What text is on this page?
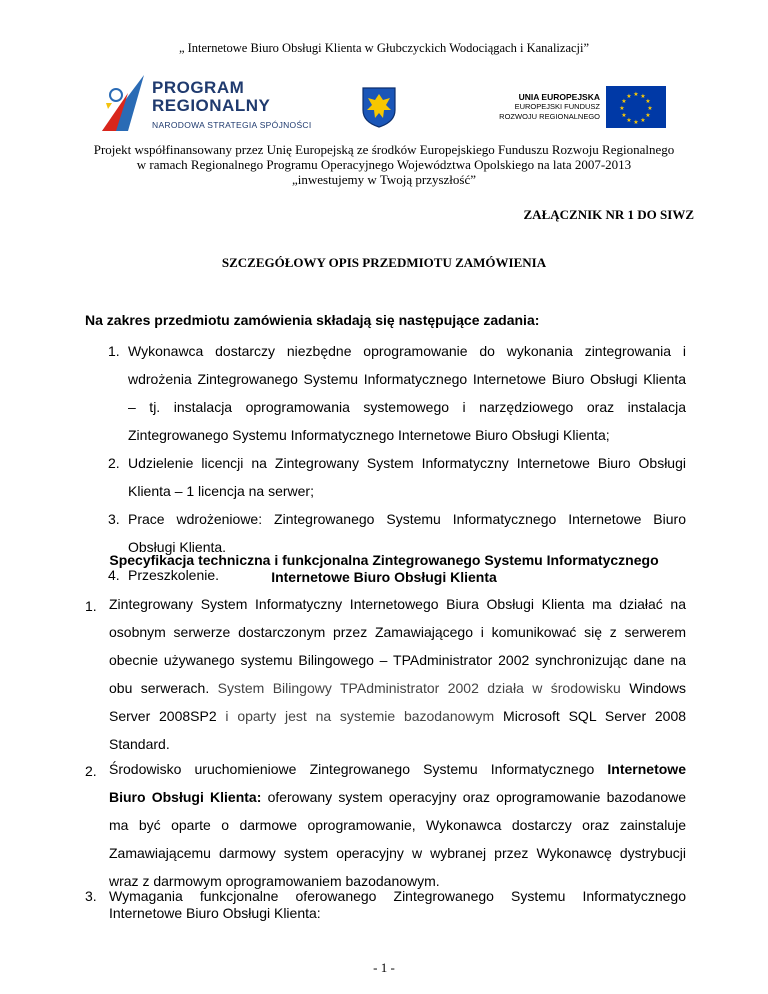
„ Internetowe Biuro Obsługi Klienta w Głubczyckich Wodociągach i Kanalizacji”
PROGRAM
REGIONALNY
NARODOWA STRATEGIA SPÓJNOŚCI
UNIA EUROPEJSKA
EUROPEJSKI FUNDUSZ
ROZWOJU REGIONALNEGO
★ ★
★
★
★
★
★
★
★
★
★
★
Projekt współfinansowany przez Unię Europejską ze środków Europejskiego Funduszu Rozwoju Regionalnego
w ramach Regionalnego Programu Operacyjnego Województwa Opolskiego na lata 2007-2013
„inwestujemy w Twoją przyszłość”
ZAŁĄCZNIK NR 1 DO SIWZ
SZCZEGÓŁOWY OPIS PRZEDMIOTU ZAMÓWIENIA
Na zakres przedmiotu zamówienia składają się następujące zadania:
1. Wykonawca dostarczy niezbędne oprogramowanie do wykonania zintegrowania i
wdrożenia Zintegrowanego Systemu Informatycznego Internetowe Biuro Obsługi Klienta
– tj. instalacja oprogramowania systemowego i narzędziowego oraz instalacja
Zintegrowanego Systemu Informatycznego Internetowe Biuro Obsługi Klienta;
2. Udzielenie licencji na Zintegrowany System Informatyczny Internetowe Biuro Obsługi
Klienta – 1 licencja na serwer;
3. Prace wdrożeniowe: Zintegrowanego Systemu Informatycznego Internetowe Biuro
Obsługi Klienta.
4. Przeszkolenie.
Specyfikacja techniczna i funkcjonalna Zintegrowanego Systemu Informatycznego
Internetowe Biuro Obsługi Klienta
1. Zintegrowany System Informatyczny Internetowego Biura Obsługi Klienta ma działać na
osobnym serwerze dostarczonym przez Zamawiającego i komunikować się z serwerem
obecnie używanego systemu Bilingowego – TPAdministrator 2002 synchronizując dane na
obu serwerach. System Bilingowy TPAdministrator 2002 działa w środowisku Windows
Server 2008SP2 i oparty jest na systemie bazodanowym Microsoft SQL Server 2008
Standard.
2. Środowisko uruchomieniowe Zintegrowanego Systemu Informatycznego Internetowe
Biuro Obsługi Klienta: oferowany system operacyjny oraz oprogramowanie bazodanowe
ma być oparte o darmowe oprogramowanie, Wykonawca dostarczy oraz zainstaluje
Zamawiającemu darmowy system operacyjny w wybranej przez Wykonawcę dystrybucji
wraz z darmowym oprogramowaniem bazodanowym.
3. Wymagania funkcjonalne oferowanego Zintegrowanego Systemu Informatycznego
Internetowe Biuro Obsługi Klienta:
- 1 -
